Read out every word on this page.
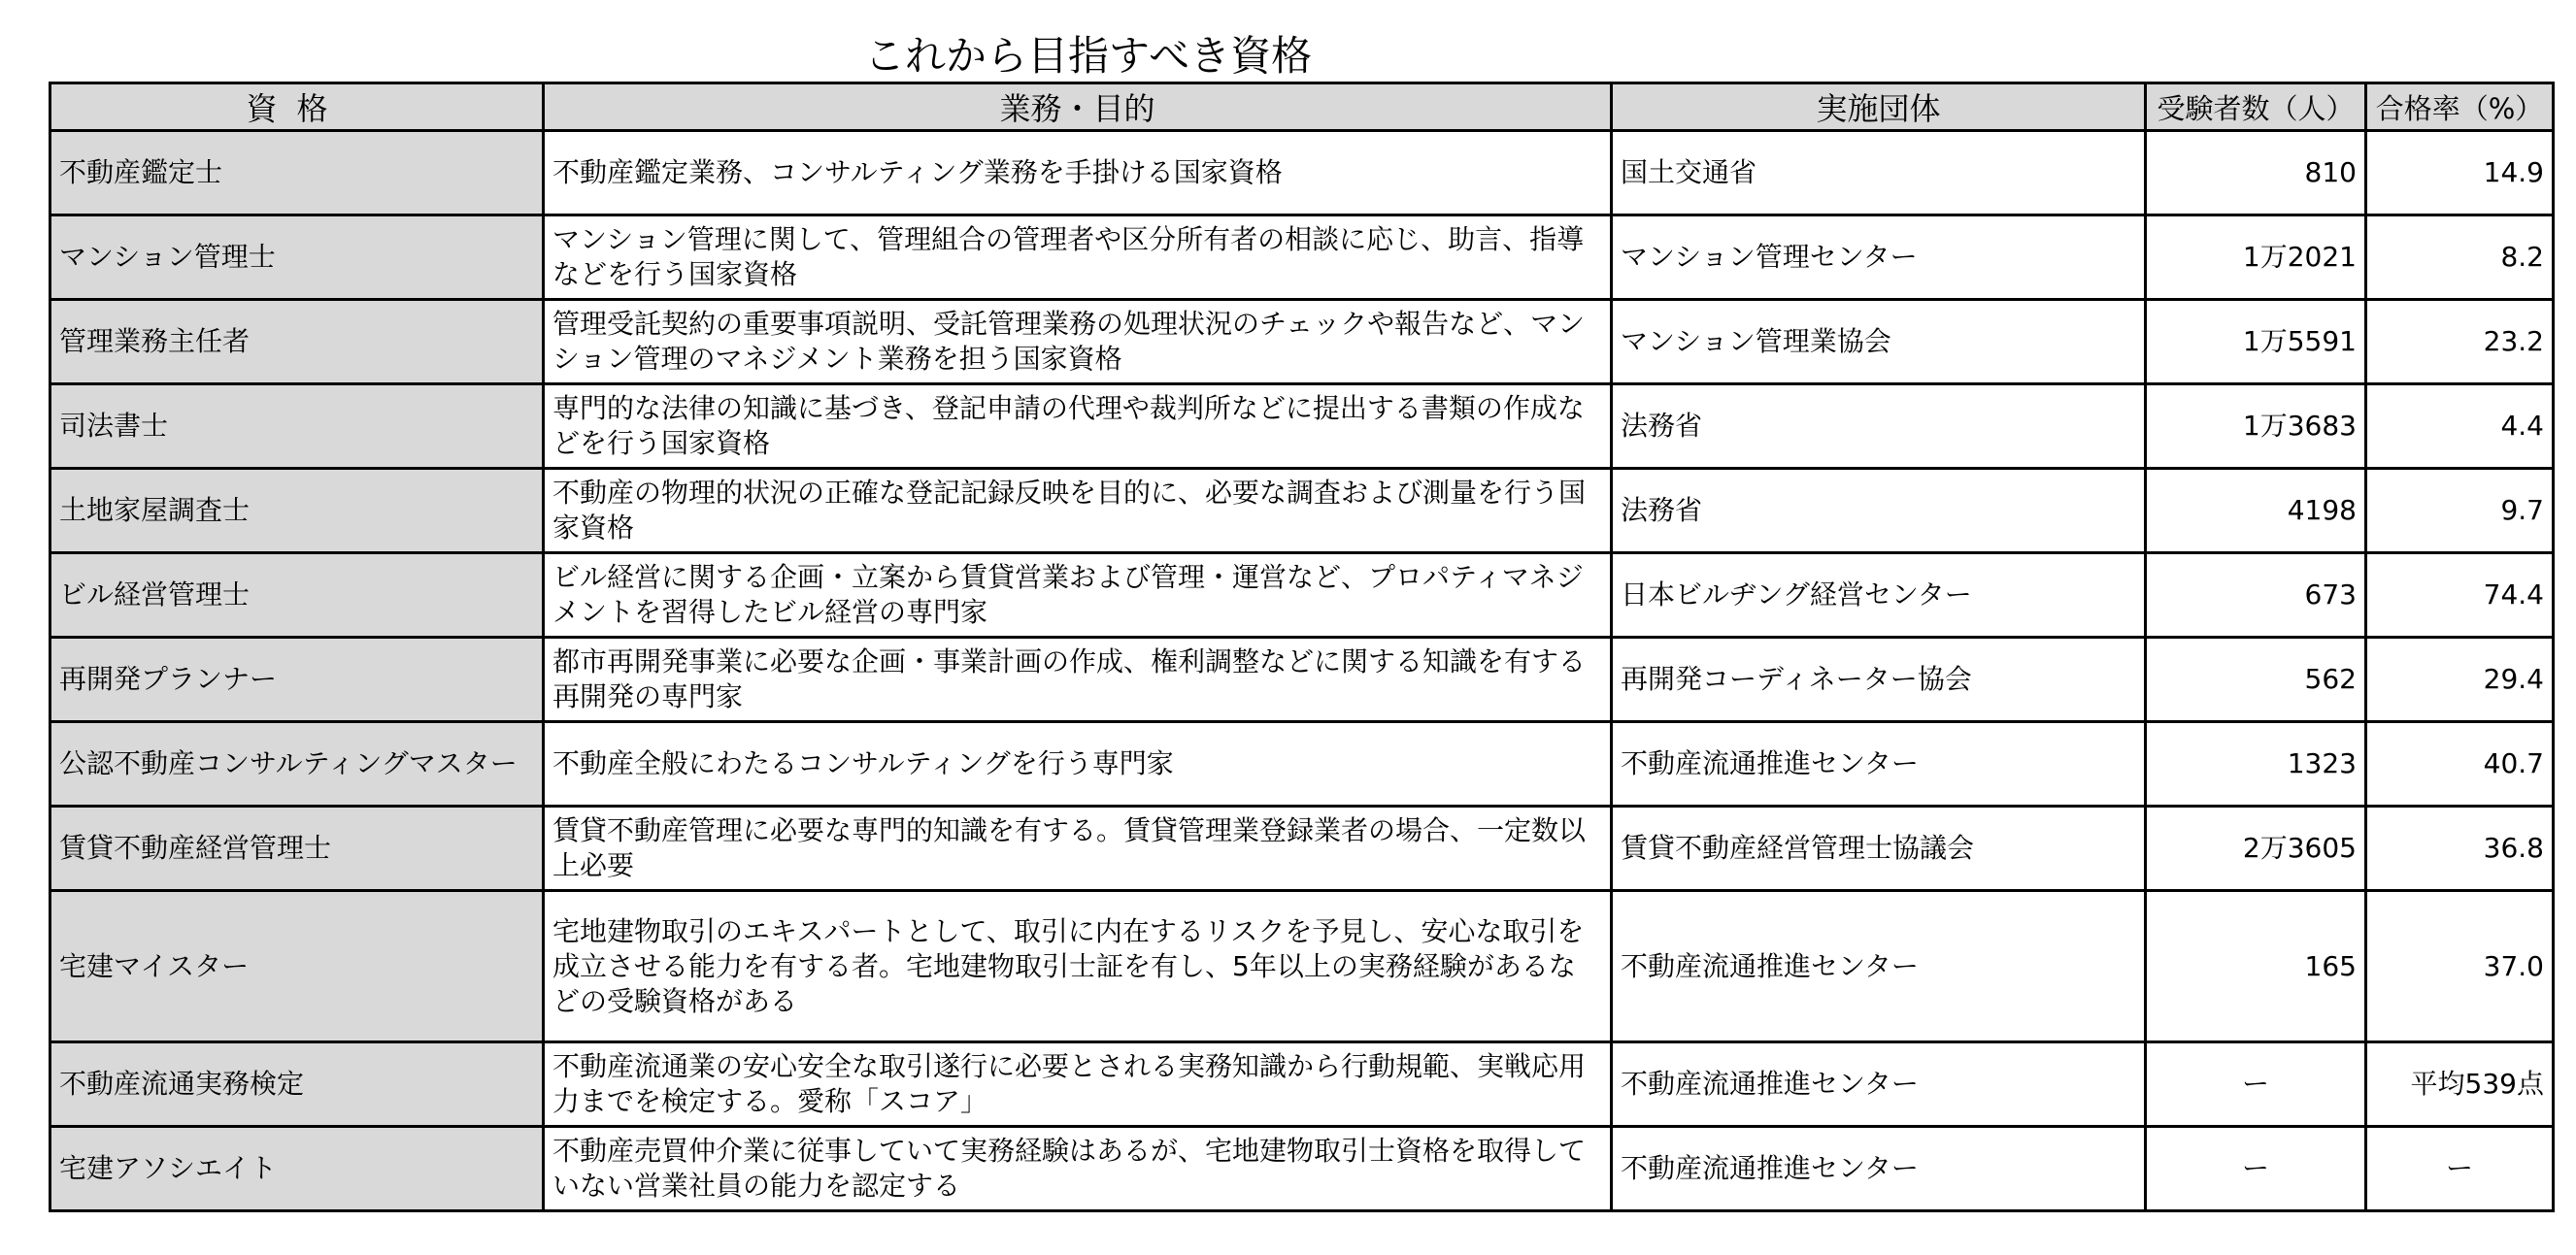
これから目指すべき資格
資格	業務・目的	実施団体	受験者数（人）	合格率（%）
不動産鑑定士	不動産鑑定業務、コンサルティング業務を手掛ける国家資格	国土交通省	810	14.9
マンション管理士	マンション管理に関して、管理組合の管理者や区分所有者の相談に応じ、助言、指導などを行う国家資格	マンション管理センター	1万2021	8.2
管理業務主任者	管理受託契約の重要事項説明、受託管理業務の処理状況のチェックや報告など、マンション管理のマネジメント業務を担う国家資格	マンション管理業協会	1万5591	23.2
司法書士	専門的な法律の知識に基づき、登記申請の代理や裁判所などに提出する書類の作成などを行う国家資格	法務省	1万3683	4.4
土地家屋調査士	不動産の物理的状況の正確な登記記録反映を目的に、必要な調査および測量を行う国家資格	法務省	4198	9.7
ビル経営管理士	ビル経営に関する企画・立案から賃貸営業および管理・運営など、プロパティマネジメントを習得したビル経営の専門家	日本ビルヂング経営センター	673	74.4
再開発プランナー	都市再開発事業に必要な企画・事業計画の作成、権利調整などに関する知識を有する再開発の専門家	再開発コーディネーター協会	562	29.4
公認不動産コンサルティングマスター	不動産全般にわたるコンサルティングを行う専門家	不動産流通推進センター	1323	40.7
賃貸不動産経営管理士	賃貸不動産管理に必要な専門的知識を有する。賃貸管理業登録業者の場合、一定数以上必要	賃貸不動産経営管理士協議会	2万3605	36.8
宅建マイスター	宅地建物取引のエキスパートとして、取引に内在するリスクを予見し、安心な取引を成立させる能力を有する者。宅地建物取引士証を有し、5年以上の実務経験があるなどの受験資格がある	不動産流通推進センター	165	37.0
不動産流通実務検定	不動産流通業の安心安全な取引遂行に必要とされる実務知識から行動規範、実戦応用力までを検定する。愛称「スコア」	不動産流通推進センター	ー	平均539点
宅建アソシエイト	不動産売買仲介業に従事していて実務経験はあるが、宅地建物取引士資格を取得していない営業社員の能力を認定する	不動産流通推進センター	ー	ー
